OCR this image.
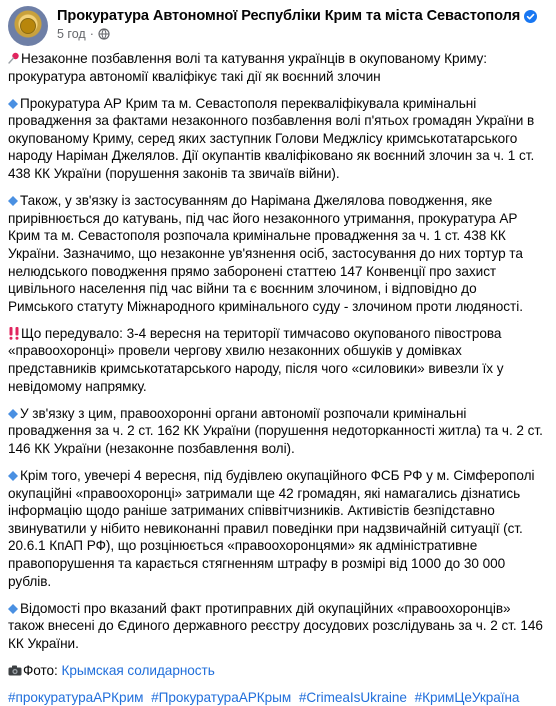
Прокуратура Автономної Республіки Крим та міста Севастополя
5 год ·

Незаконне позбавлення волі та катування українців в окупованому Криму: прокуратура автономії кваліфікує такі дії як воєнний злочин

Прокуратура АР Крим та м. Севастополя перекваліфікувала кримінальні провадження за фактами незаконного позбавлення волі п'ятьох громадян України в окупованому Криму, серед яких заступник Голови Меджлісу кримськотатарського народу Наріман Джелялов. Дії окупантів кваліфіковано як воєнний злочин за ч. 1 ст. 438 КК України (порушення законів та звичаїв війни).

Також, у зв'язку із застосуванням до Нарімана Джелялова поводження, яке прирівнюється до катувань, під час його незаконного утримання, прокуратура АР Крим та м. Севастополя розпочала кримінальне провадження за ч. 1 ст. 438 КК України. Зазначимо, що незаконне ув'язнення осіб, застосування до них тортур та нелюдського поводження прямо заборонені статтею 147 Конвенції про захист цивільного населення під час війни та є воєнним злочином, і відповідно до Римського статуту Міжнародного кримінального суду - злочином проти людяності.

Що передувало: 3-4 вересня на території тимчасово окупованого півострова «правоохоронці» провели чергову хвилю незаконних обшуків у домівках представників кримськотатарського народу, після чого «силовики» вивезли їх у невідомому напрямку.

У зв'язку з цим, правоохоронні органи автономії розпочали кримінальні провадження за ч. 2 ст. 162 КК України (порушення недоторканності житла) та ч. 2 ст. 146 КК України (незаконне позбавлення волі).

Крім того, увечері 4 вересня, під будівлею окупаційного ФСБ РФ у м. Сімферополі окупаційні «правоохоронці» затримали ще 42 громадян, які намагались дізнатись інформацію щодо раніше затриманих співвітчизників. Активістів безпідставно звинуватили у нібито невиконанні правил поведінки при надзвичайній ситуації (ст. 20.6.1 КпАП РФ), що розцінюється «правоохоронцями» як адміністративне правопорушення та карається стягненням штрафу в розмірі від 1000 до 30 000 рублів.

Відомості про вказаний факт протиправних дій окупаційних «правоохоронців» також внесені до Єдиного державного реєстру досудових розслідувань за ч. 2 ст. 146 КК України.

Фото: Крымская солидарность
#прокуратураАРКрим #ПрокуратураАРКрым #CrimeaIsUkraine #КримЦеУкраїна
